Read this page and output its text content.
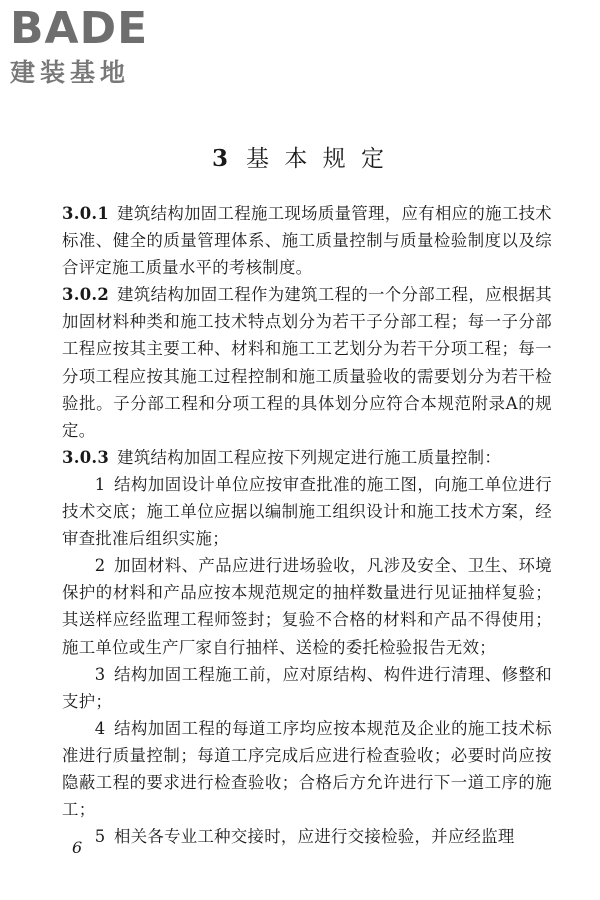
BADE
建装基地
3 基 本 规 定

3.0.1 建筑结构加固工程施工现场质量管理，应有相应的施工技术标准、健全的质量管理体系、施工质量控制与质量检验制度以及综合评定施工质量水平的考核制度。

3.0.2 建筑结构加固工程作为建筑工程的一个分部工程，应根据其加固材料种类和施工技术特点划分为若干子分部工程；每一子分部工程应按其主要工种、材料和施工工艺划分为若干分项工程；每一分项工程应按其施工过程控制和施工质量验收的需要划分为若干检验批。子分部工程和分项工程的具体划分应符合本规范附录A的规定。

3.0.3 建筑结构加固工程应按下列规定进行施工质量控制：

1  结构加固设计单位应按审查批准的施工图，向施工单位进行技术交底；施工单位应据以编制施工组织设计和施工技术方案，经审查批准后组织实施；

2  加固材料、产品应进行进场验收，凡涉及安全、卫生、环境保护的材料和产品应按本规范规定的抽样数量进行见证抽样复验；其送样应经监理工程师签封；复验不合格的材料和产品不得使用；施工单位或生产厂家自行抽样、送检的委托检验报告无效；

3  结构加固工程施工前，应对原结构、构件进行清理、修整和支护；

4  结构加固工程的每道工序均应按本规范及企业的施工技术标准进行质量控制；每道工序完成后应进行检查验收；必要时尚应按隐蔽工程的要求进行检查验收；合格后方允许进行下一道工序的施工；

5  相关各专业工种交接时，应进行交接检验，并应经监理

6
